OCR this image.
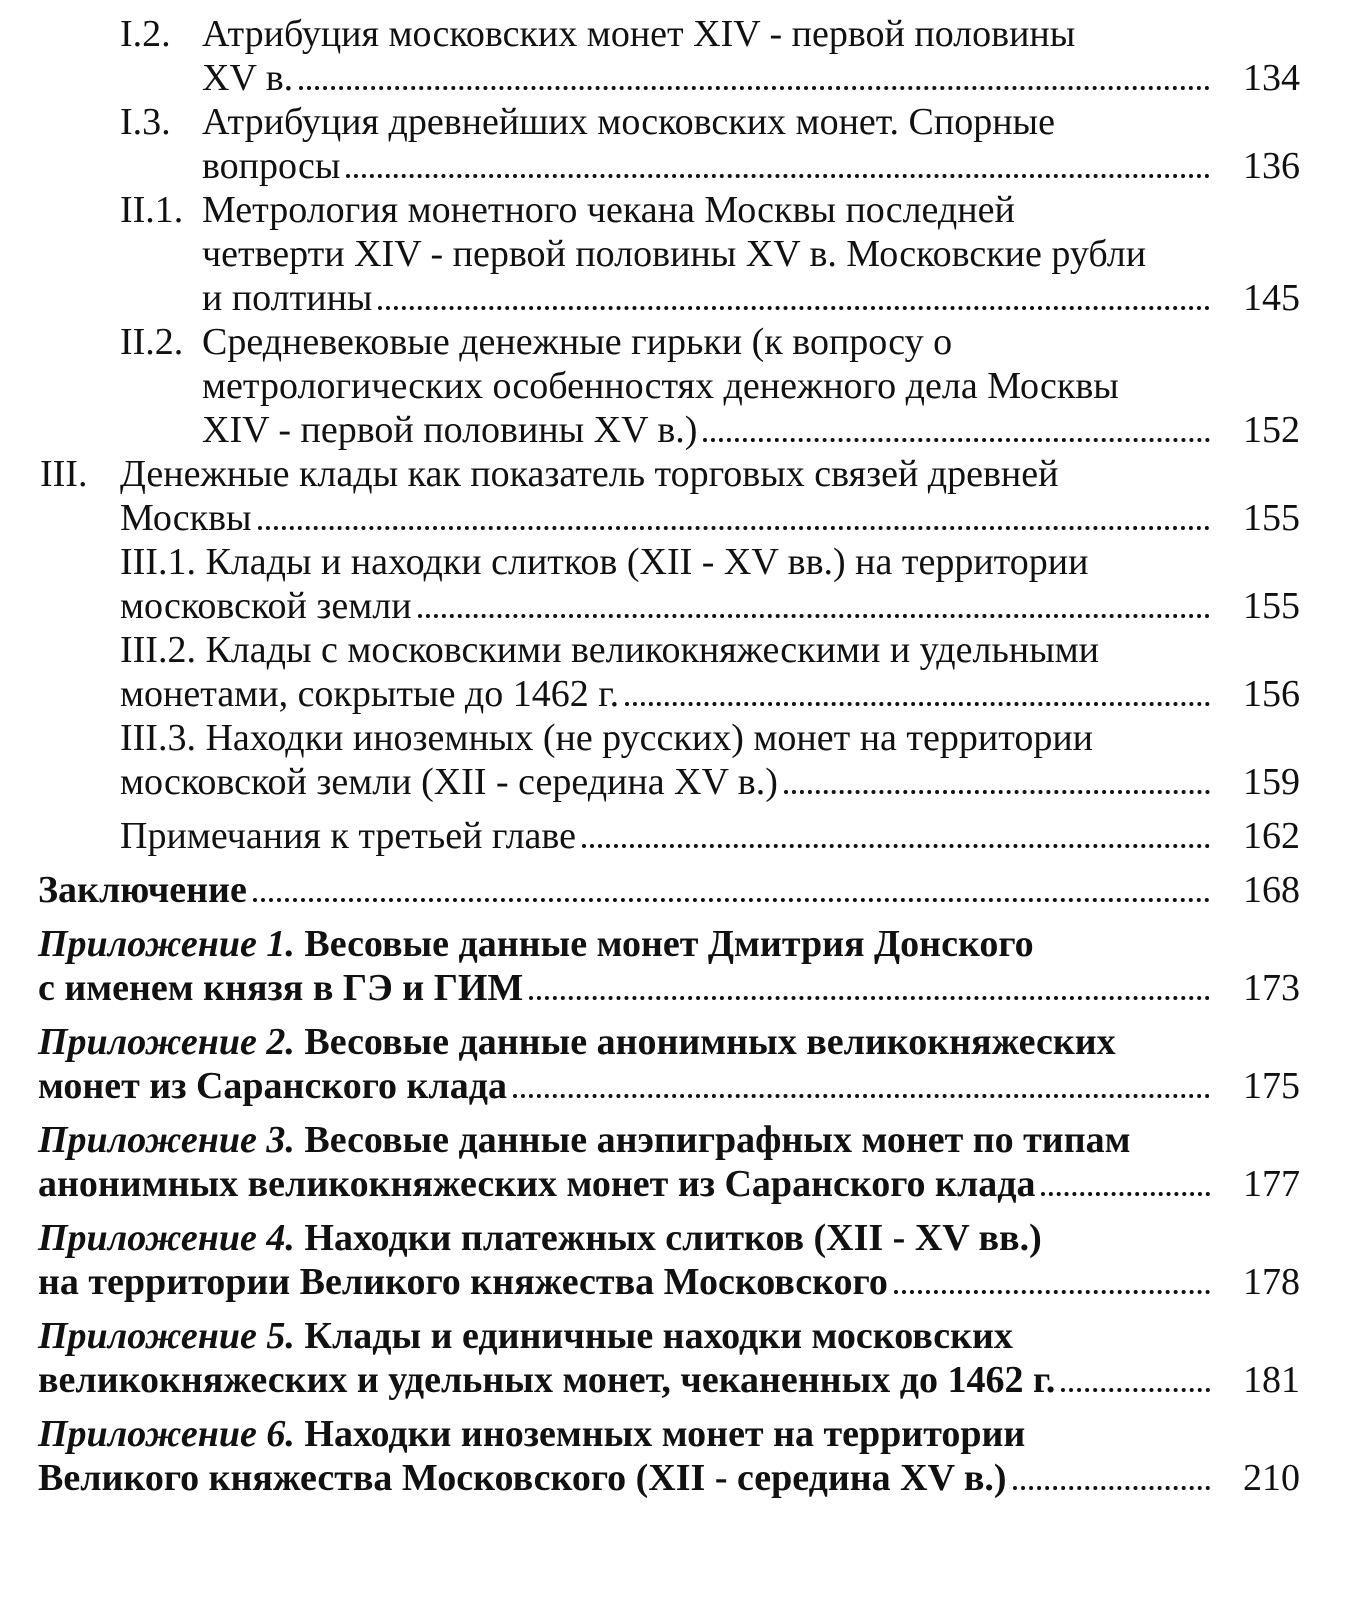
I.2. Атрибуция московских монет XIV - первой половины
XV в.	134
I.3. Атрибуция древнейших московских монет. Спорные
вопросы	136
II.1. Метрология монетного чекана Москвы последней
четверти XIV - первой половины XV в. Московские рубли
и полтины	145
II.2. Средневековые денежные гирьки (к вопросу о
метрологических особенностях денежного дела Москвы
XIV - первой половины XV в.)	152
III. Денежные клады как показатель торговых связей древней
Москвы	155
III.1. Клады и находки слитков (XII - XV вв.) на территории
московской земли	155
III.2. Клады с московскими великокняжескими и удельными
монетами, сокрытые до 1462 г.	156
III.3. Находки иноземных (не русских) монет на территории
московской земли (XII - середина XV в.)	159
Примечания к третьей главе	162
Заключение	168
Приложение 1. Весовые данные монет Дмитрия Донского
с именем князя в ГЭ и ГИМ	173
Приложение 2. Весовые данные анонимных великокняжеских
монет из Саранского клада	175
Приложение 3. Весовые данные анэпиграфных монет по типам
анонимных великокняжеских монет из Саранского клада	177
Приложение 4. Находки платежных слитков (XII - XV вв.)
на территории Великого княжества Московского	178
Приложение 5. Клады и единичные находки московских
великокняжеских и удельных монет, чеканенных до 1462 г.	181
Приложение 6. Находки иноземных монет на территории
Великого княжества Московского (XII - середина XV в.)	210
